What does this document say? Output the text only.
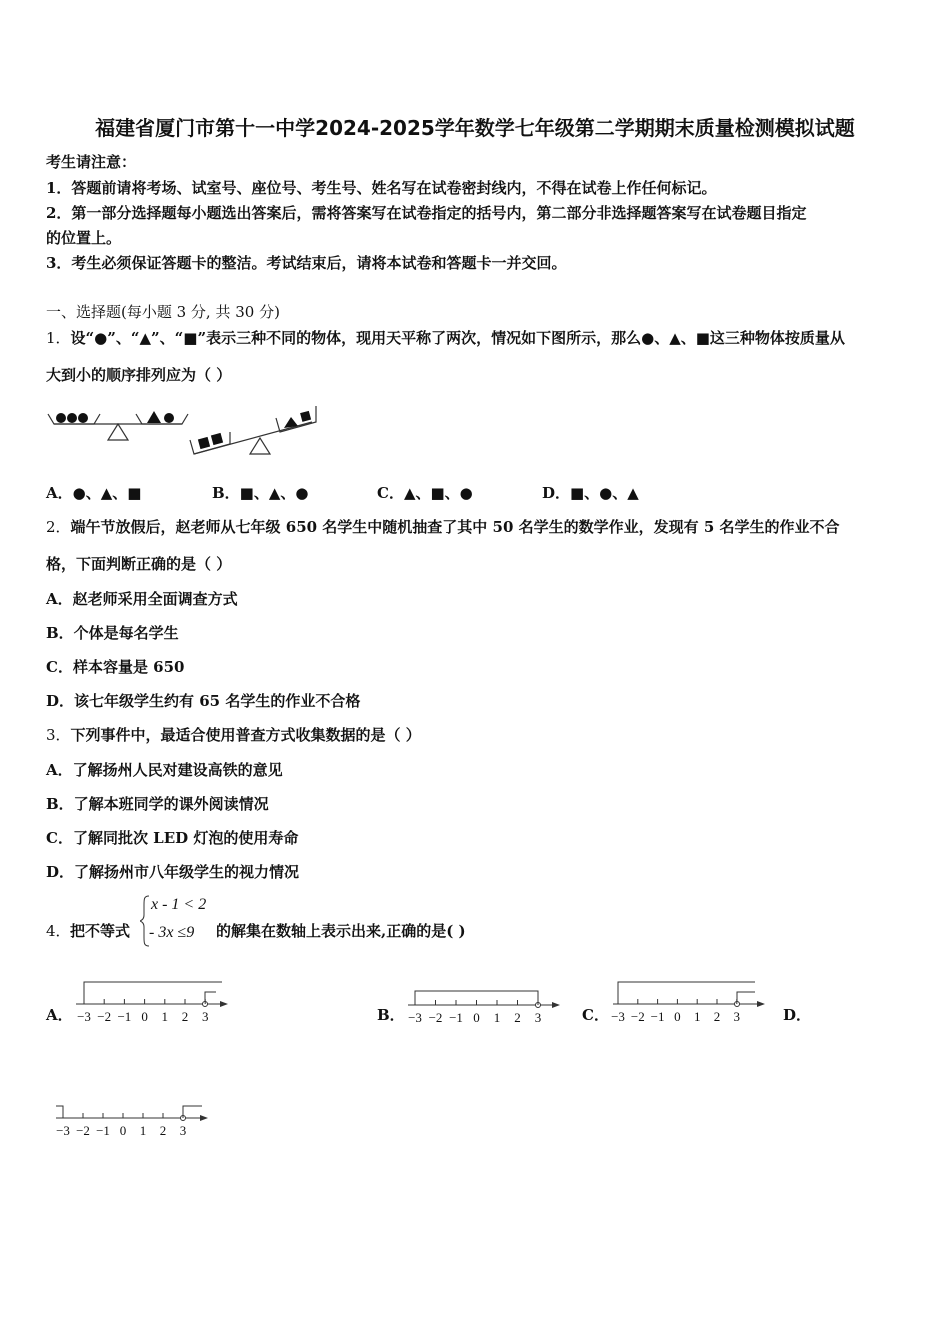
福建省厦门市第十一中学2024-2025学年数学七年级第二学期期末质量检测模拟试题
考生请注意：
1．答题前请将考场、试室号、座位号、考生号、姓名写在试卷密封线内，不得在试卷上作任何标记。
2．第一部分选择题每小题选出答案后，需将答案写在试卷指定的括号内，第二部分非选择题答案写在试卷题目指定
的位置上。
3．考生必须保证答题卡的整洁。考试结束后，请将本试卷和答题卡一并交回。
一、选择题(每小题 3 分, 共 30 分)
1．设“●”、“▲”、“■”表示三种不同的物体，现用天平称了两次，情况如下图所示，那么●、▲、■这三种物体按质量从
大到小的顺序排列应为（ ）
A．●、▲、■	B．■、▲、●	C．▲、■、●	D．■、●、▲
2．端午节放假后，赵老师从七年级 650 名学生中随机抽查了其中 50 名学生的数学作业，发现有 5 名学生的作业不合
格，下面判断正确的是（ ）
A．赵老师采用全面调查方式
B．个体是每名学生
C．样本容量是 650
D．该七年级学生约有 65 名学生的作业不合格
3．下列事件中，最适合使用普查方式收集数据的是（ ）
A．了解扬州人民对建设高铁的意见
B．了解本班同学的课外阅读情况
C．了解同批次 LED 灯泡的使用寿命
D．了解扬州市八年级学生的视力情况
4． 把不等式
x - 1 < 2
- 3x ≤9 的解集在数轴上表示出来,正确的是( )
A．	B．	C．	D．
−3 −2 −1 0 1 2 3	−3 −2 −1 0 1 2 3	−3 −2 −1 0 1 2 3
−3 −2 −1 0 1 2 3
